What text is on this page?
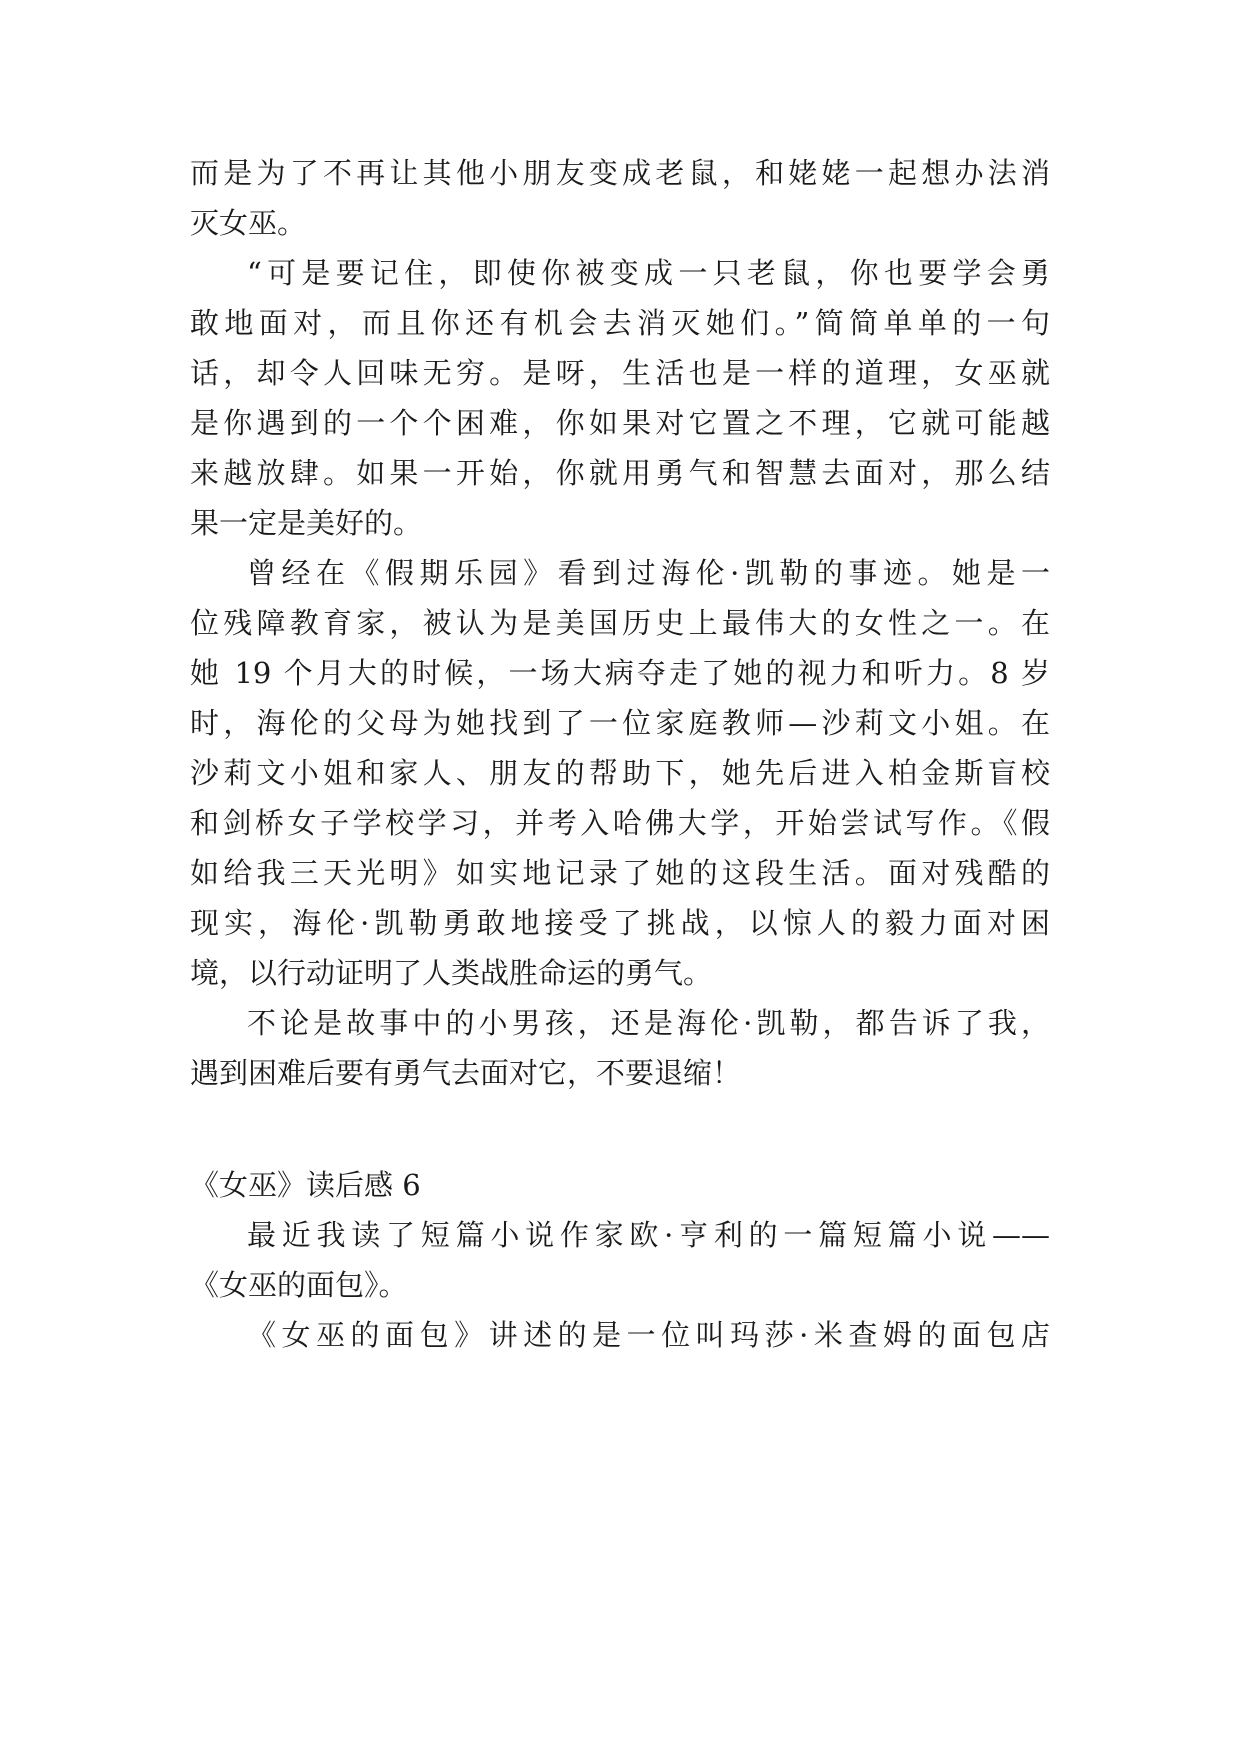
而是为了不再让其他小朋友变成老鼠，和姥姥一起想办法消
灭女巫。
“可是要记住，即使你被变成一只老鼠，你也要学会勇
敢地面对，而且你还有机会去消灭她们。”简简单单的一句
话，却令人回味无穷。是呀，生活也是一样的道理，女巫就
是你遇到的一个个困难，你如果对它置之不理，它就可能越
来越放肆。如果一开始，你就用勇气和智慧去面对，那么结
果一定是美好的。
曾经在《假期乐园》看到过海伦·凯勒的事迹。她是一
位残障教育家，被认为是美国历史上最伟大的女性之一。在
她 19 个月大的时候，一场大病夺走了她的视力和听力。8 岁
时，海伦的父母为她找到了一位家庭教师—沙莉文小姐。在
沙莉文小姐和家人、朋友的帮助下，她先后进入柏金斯盲校
和剑桥女子学校学习，并考入哈佛大学，开始尝试写作。《假
如给我三天光明》如实地记录了她的这段生活。面对残酷的
现实，海伦·凯勒勇敢地接受了挑战，以惊人的毅力面对困
境，以行动证明了人类战胜命运的勇气。
不论是故事中的小男孩，还是海伦·凯勒，都告诉了我，
遇到困难后要有勇气去面对它，不要退缩！
《女巫》读后感 6
最近我读了短篇小说作家欧·亨利的一篇短篇小说——
《女巫的面包》。
《女巫的面包》讲述的是一位叫玛莎·米查姆的面包店
